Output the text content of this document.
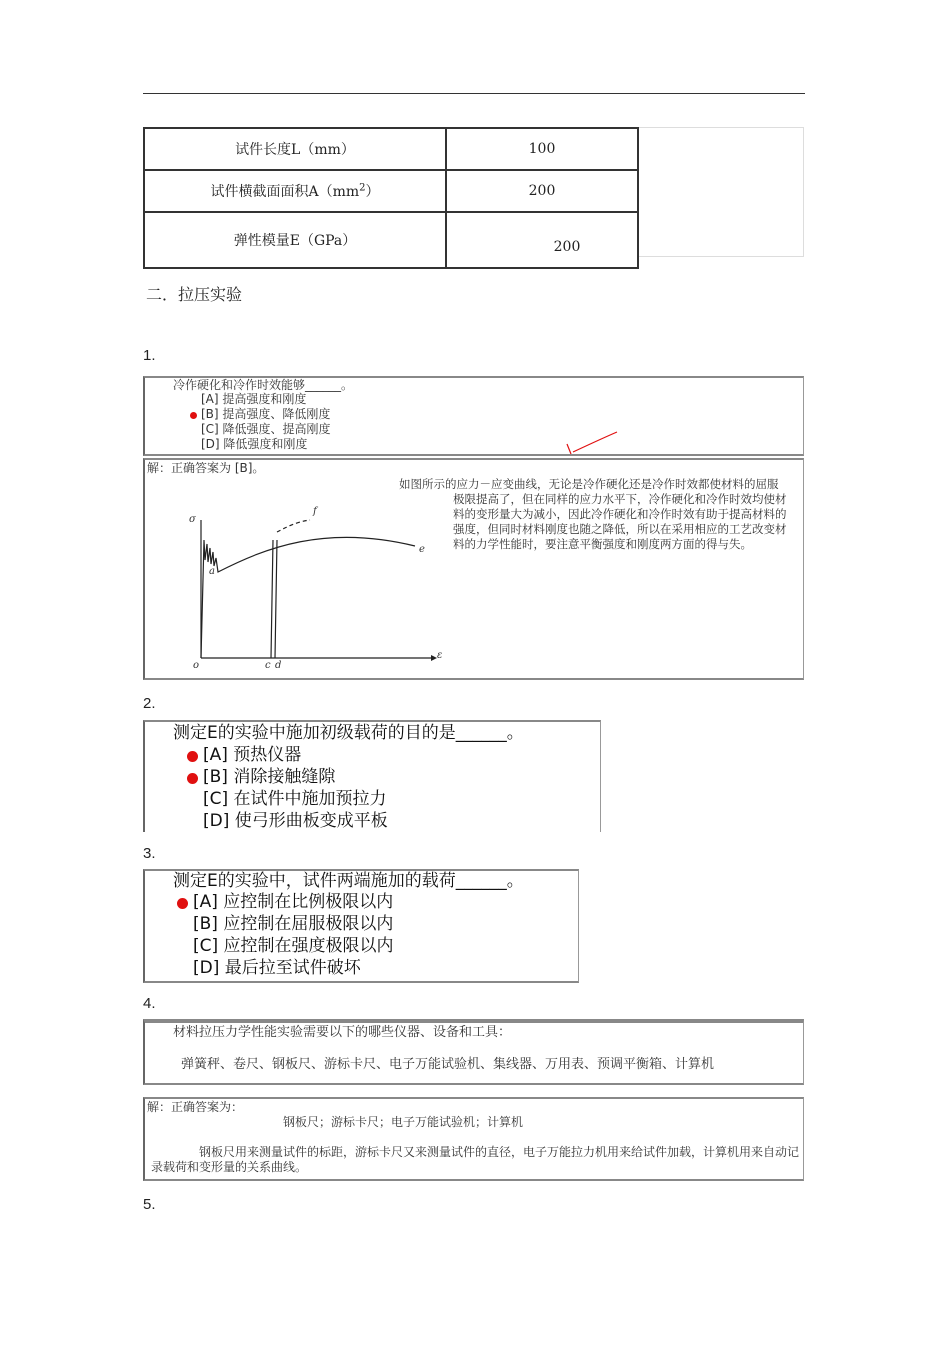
试件长度L（mm）	100
试件横截面面积$A(mm^2)$	200
弹性模量E（GPa）	200
二．拉压实验
1.
冷作硬化和冷作时效能够______。
[A] 提高强度和刚度
[B] 提高强度、降低刚度
[C] 降低强度、提高刚度
[D] 降低强度和刚度
解：正确答案为 [B]。
如图所示的应力－应变曲线，无论是冷作硬化还是冷作时效都使材料的屈服极限提高了，但在同样的应力水平下，冷作硬化和冷作时效均使材料的变形量大为减小，因此冷作硬化和冷作时效有助于提高材料的强度，但同时材料刚度也随之降低，所以在采用相应的工艺改变材料的力学性能时，要注意平衡强度和刚度两方面的得与失。
σ
ε
o
a
c d
e
f
2.
测定E的实验中施加初级载荷的目的是______。
[A] 预热仪器
[B] 消除接触缝隙
[C] 在试件中施加预拉力
[D] 使弓形曲板变成平板
3.
测定E的实验中，试件两端施加的载荷______。
[A] 应控制在比例极限以内
[B] 应控制在屈服极限以内
[C] 应控制在强度极限以内
[D] 最后拉至试件破坏
4.
材料拉压力学性能实验需要以下的哪些仪器、设备和工具：
弹簧秤、卷尺、钢板尺、游标卡尺、电子万能试验机、集线器、万用表、预调平衡箱、计算机
解：正确答案为：
钢板尺；游标卡尺；电子万能试验机；计算机
钢板尺用来测量试件的标距，游标卡尺又来测量试件的直径，电子万能拉力机用来给试件加载，计算机用来自动记录载荷和变形量的关系曲线。
5.
